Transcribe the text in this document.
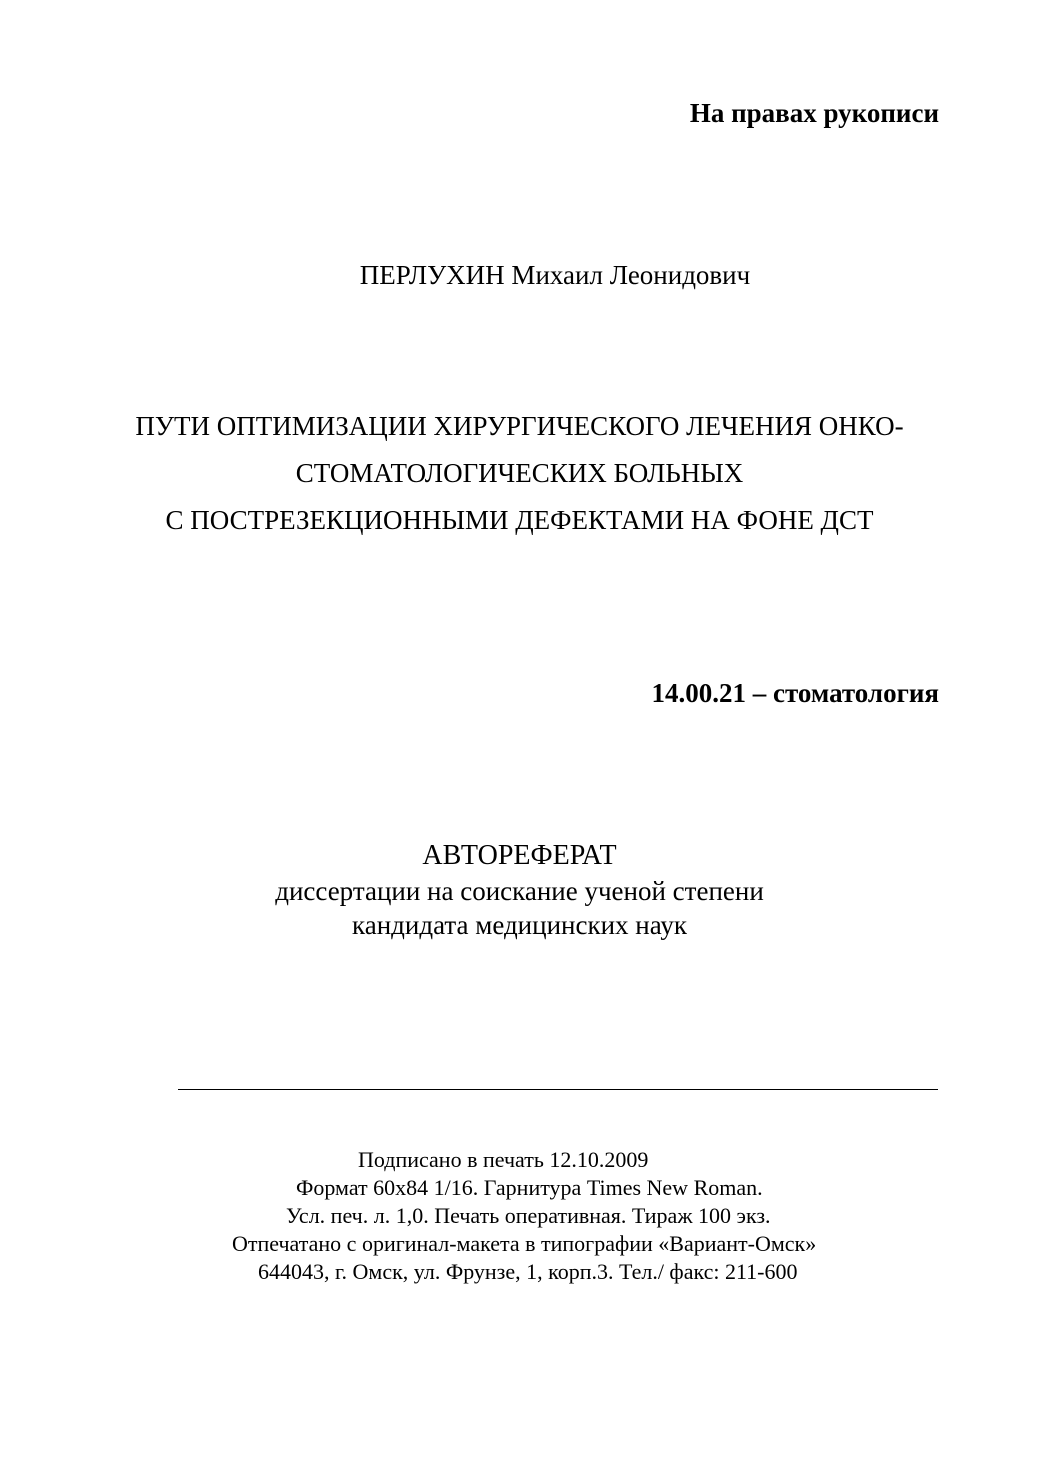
На правах рукописи
ПЕРЛУХИН Михаил Леонидович
ПУТИ ОПТИМИЗАЦИИ ХИРУРГИЧЕСКОГО ЛЕЧЕНИЯ ОНКО-
СТОМАТОЛОГИЧЕСКИХ БОЛЬНЫХ
С ПОСТРЕЗЕКЦИОННЫМИ ДЕФЕКТАМИ НА ФОНЕ ДСТ
14.00.21 – стоматология
АВТОРЕФЕРАТ
диссертации на соискание ученой степени
кандидата медицинских наук
Подписано в печать 12.10.2009
Формат 60х84 1/16. Гарнитура Times New Roman.
Усл. печ. л. 1,0. Печать оперативная. Тираж 100 экз.
Отпечатано с оригинал-макета в типографии «Вариант-Омск»
644043, г. Омск, ул. Фрунзе, 1, корп.3. Тел./ факс: 211-600
